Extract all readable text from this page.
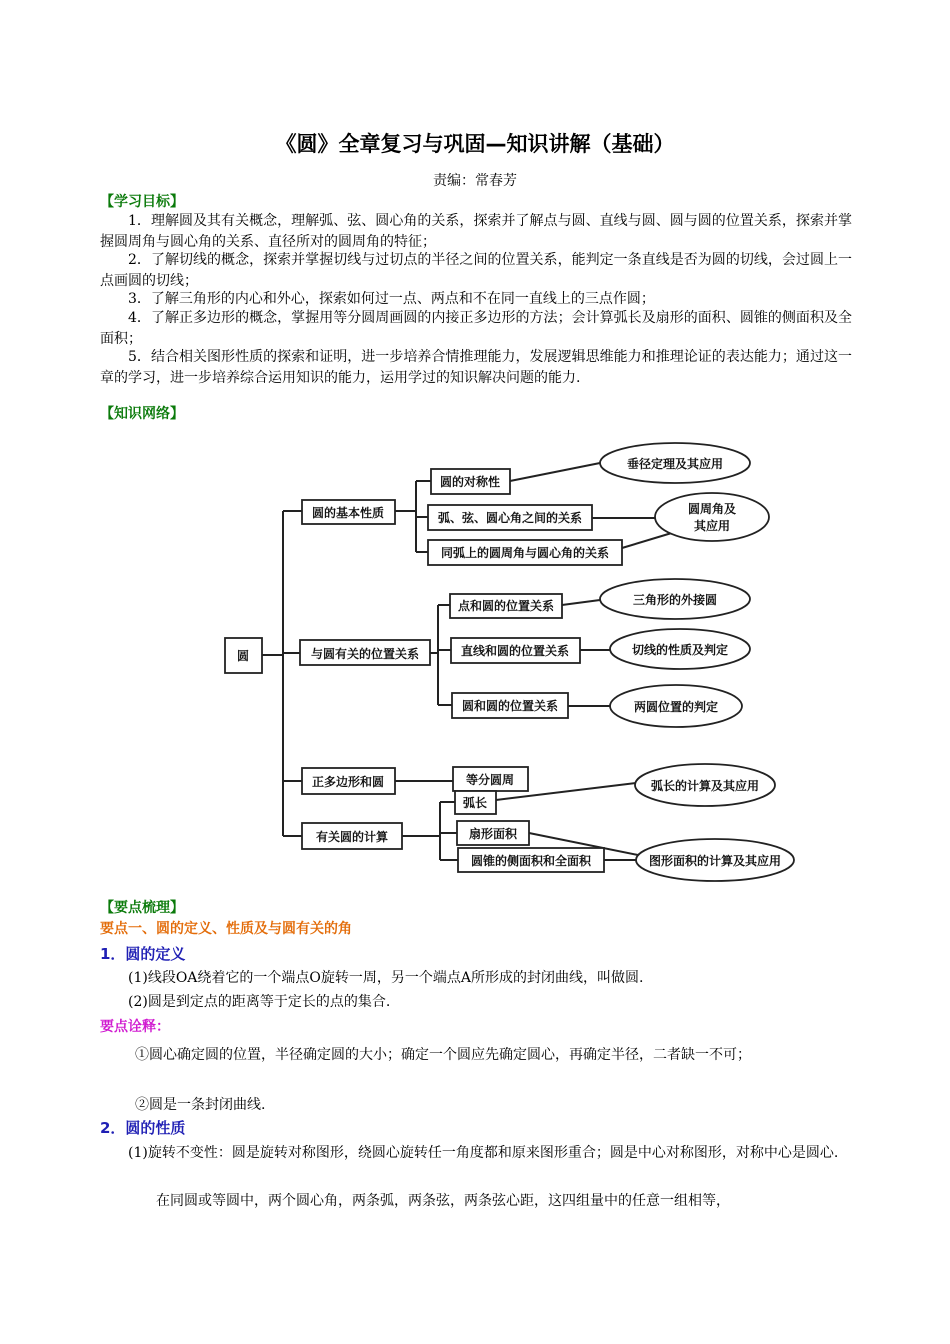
《圆》全章复习与巩固—知识讲解（基础）
责编：常春芳
【学习目标】
1．理解圆及其有关概念，理解弧、弦、圆心角的关系，探索并了解点与圆、直线与圆、圆与圆的位置关系，探索并掌握圆周角与圆心角的关系、直径所对的圆周角的特征；
2．了解切线的概念，探索并掌握切线与过切点的半径之间的位置关系，能判定一条直线是否为圆的切线，会过圆上一点画圆的切线；
3．了解三角形的内心和外心，探索如何过一点、两点和不在同一直线上的三点作圆；
4．了解正多边形的概念，掌握用等分圆周画圆的内接正多边形的方法；会计算弧长及扇形的面积、圆锥的侧面积及全面积；
5．结合相关图形性质的探索和证明，进一步培养合情推理能力，发展逻辑思维能力和推理论证的表达能力；通过这一章的学习，进一步培养综合运用知识的能力，运用学过的知识解决问题的能力.
【知识网络】
圆
圆的基本性质
圆的对称性
弧、弦、圆心角之间的关系
同弧上的圆周角与圆心角的关系
垂径定理及其应用
圆周角及
其应用
与圆有关的位置关系
点和圆的位置关系
直线和圆的位置关系
圆和圆的位置关系
三角形的外接圆
切线的性质及判定
两圆位置的判定
正多边形和圆	等分圆周
有关圆的计算
弧长
扇形面积
圆锥的侧面积和全面积
弧长的计算及其应用
图形面积的计算及其应用
【要点梳理】
要点一、圆的定义、性质及与圆有关的角
1．圆的定义
(1)线段OA绕着它的一个端点O旋转一周，另一个端点A所形成的封闭曲线，叫做圆.
(2)圆是到定点的距离等于定长的点的集合.
要点诠释：
①圆心确定圆的位置，半径确定圆的大小；确定一个圆应先确定圆心，再确定半径，二者缺一不可；
②圆是一条封闭曲线.
2．圆的性质
(1)旋转不变性：圆是旋转对称图形，绕圆心旋转任一角度都和原来图形重合；圆是中心对称图形，对称中心是圆心.
在同圆或等圆中，两个圆心角，两条弧，两条弦，两条弦心距，这四组量中的任意一组相等，
